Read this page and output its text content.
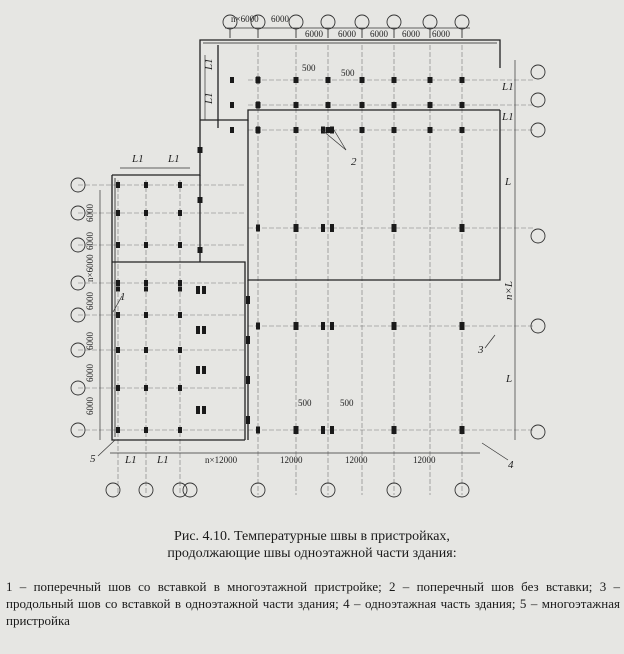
n×6000 6000
6000 6000 6000 6000 6000
L1 L1	n×12000	12000	12000	12000
6000
6000
n×6000
6000
6000
6000
6000
L1
L1
L
n×L
L
L1
L1
L1 L1
500	500
500	500
1
2
3
4
5
Рис. 4.10. Температурные швы в пристройках,
продолжающие швы одноэтажной части здания:
1 – поперечный шов со вставкой в многоэтажной пристройке; 2 – поперечный шов без вставки; 3 – продольный шов со вставкой в одноэтажной части здания; 4 – одноэтажная часть здания; 5 – многоэтажная пристройка
